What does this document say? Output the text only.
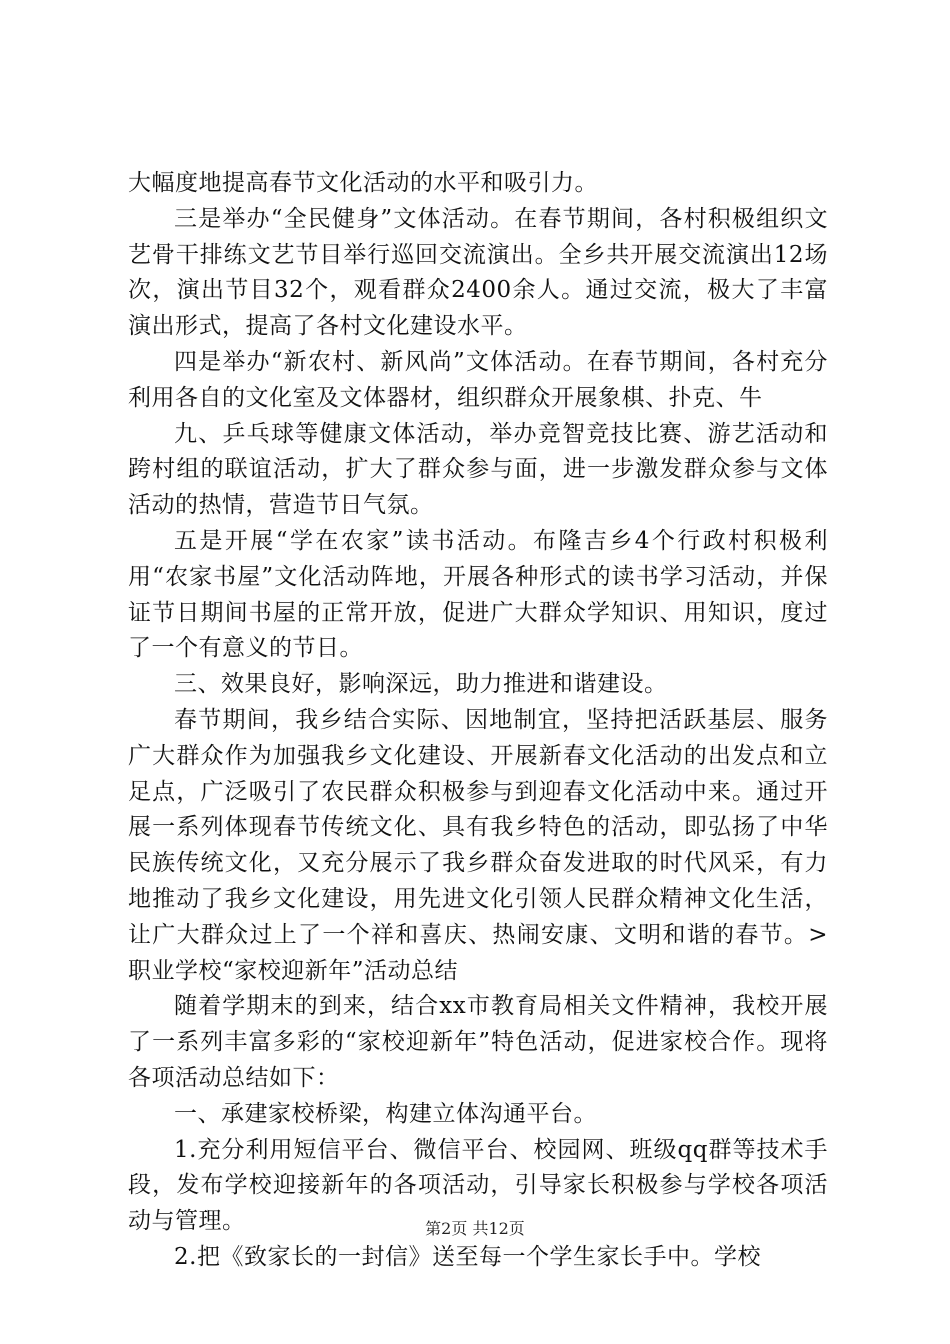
大幅度地提高春节文化活动的水平和吸引力。

三是举办“全民健身”文体活动。在春节期间，各村积极组织文艺骨干排练文艺节目举行巡回交流演出。全乡共开展交流演出12场次，演出节目32个，观看群众2400余人。通过交流，极大了丰富演出形式，提高了各村文化建设水平。

四是举办“新农村、新风尚”文体活动。在春节期间，各村充分利用各自的文化室及文体器材，组织群众开展象棋、扑克、牛

九、乒乓球等健康文体活动，举办竞智竞技比赛、游艺活动和跨村组的联谊活动，扩大了群众参与面，进一步激发群众参与文体活动的热情，营造节日气氛。

五是开展“学在农家”读书活动。布隆吉乡4个行政村积极利用“农家书屋”文化活动阵地，开展各种形式的读书学习活动，并保证节日期间书屋的正常开放，促进广大群众学知识、用知识，度过了一个有意义的节日。

三、效果良好，影响深远，助力推进和谐建设。

春节期间，我乡结合实际、因地制宜，坚持把活跃基层、服务广大群众作为加强我乡文化建设、开展新春文化活动的出发点和立足点，广泛吸引了农民群众积极参与到迎春文化活动中来。通过开展一系列体现春节传统文化、具有我乡特色的活动，即弘扬了中华民族传统文化，又充分展示了我乡群众奋发进取的时代风采，有力地推动了我乡文化建设，用先进文化引领人民群众精神文化生活，让广大群众过上了一个祥和喜庆、热闹安康、文明和谐的春节。>职业学校“家校迎新年”活动总结

随着学期末的到来，结合xx市教育局相关文件精神，我校开展了一系列丰富多彩的“家校迎新年”特色活动，促进家校合作。现将各项活动总结如下：

一、承建家校桥梁，构建立体沟通平台。

1.充分利用短信平台、微信平台、校园网、班级qq群等技术手段，发布学校迎接新年的各项活动，引导家长积极参与学校各项活动与管理。

2.把《致家长的一封信》送至每一个学生家长手中。学校

第2页 共12页
